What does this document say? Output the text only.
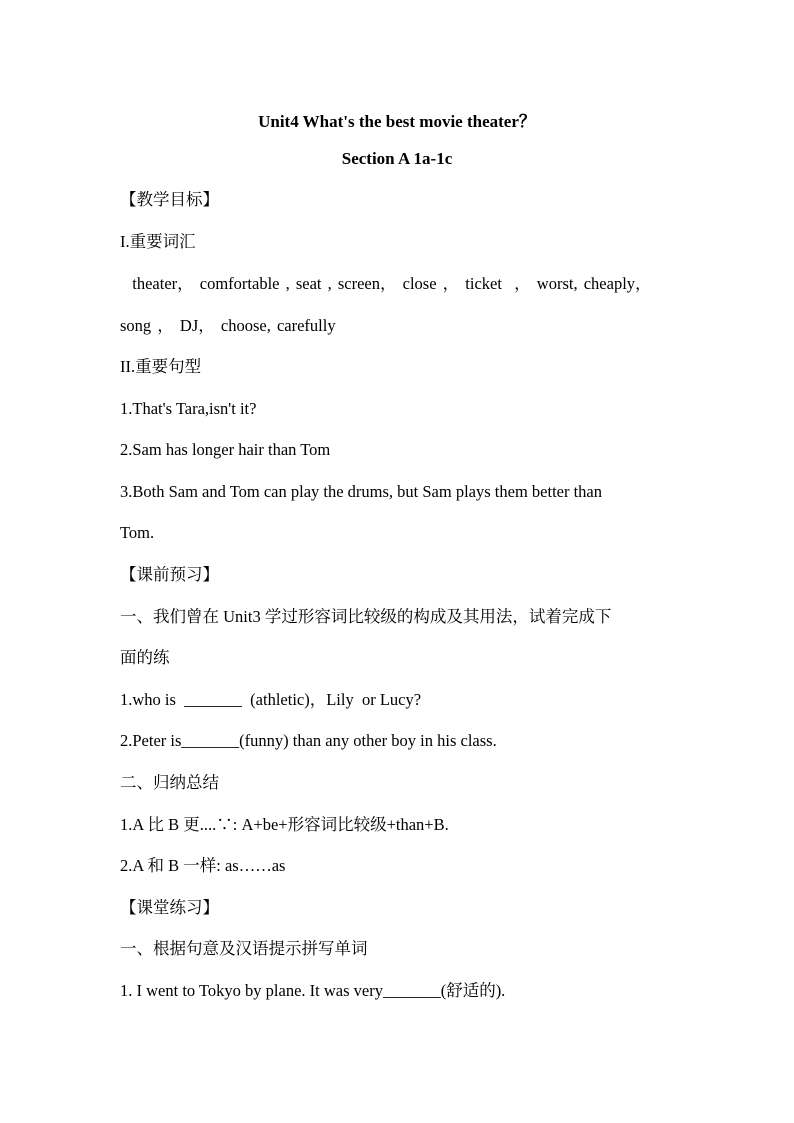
Unit4 What's the best movie theater？
Section A 1a-1c
【教学目标】
I.重要词汇
theater， comfortable , seat , screen， close ， ticket  ， worst, cheaply，
song ， DJ， choose, carefully
II.重要句型
1.That's Tara,isn't it?
2.Sam has longer hair than Tom
3.Both Sam and Tom can play the drums, but Sam plays them better than
Tom.
【课前预习】
一、我们曾在 Unit3 学过形容词比较级的构成及其用法，试着完成下
面的练
1.who is  _______  (athletic)，Lily  or Lucy?
2.Peter is_______(funny) than any other boy in his class.
二、归纳总结
1.A 比 B 更....∵: A+be+形容词比较级+than+B.
2.A 和 B 一样: as……as
【课堂练习】
一、根据句意及汉语提示拼写单词
1. I went to Tokyo by plane. It was very_______(舒适的).
